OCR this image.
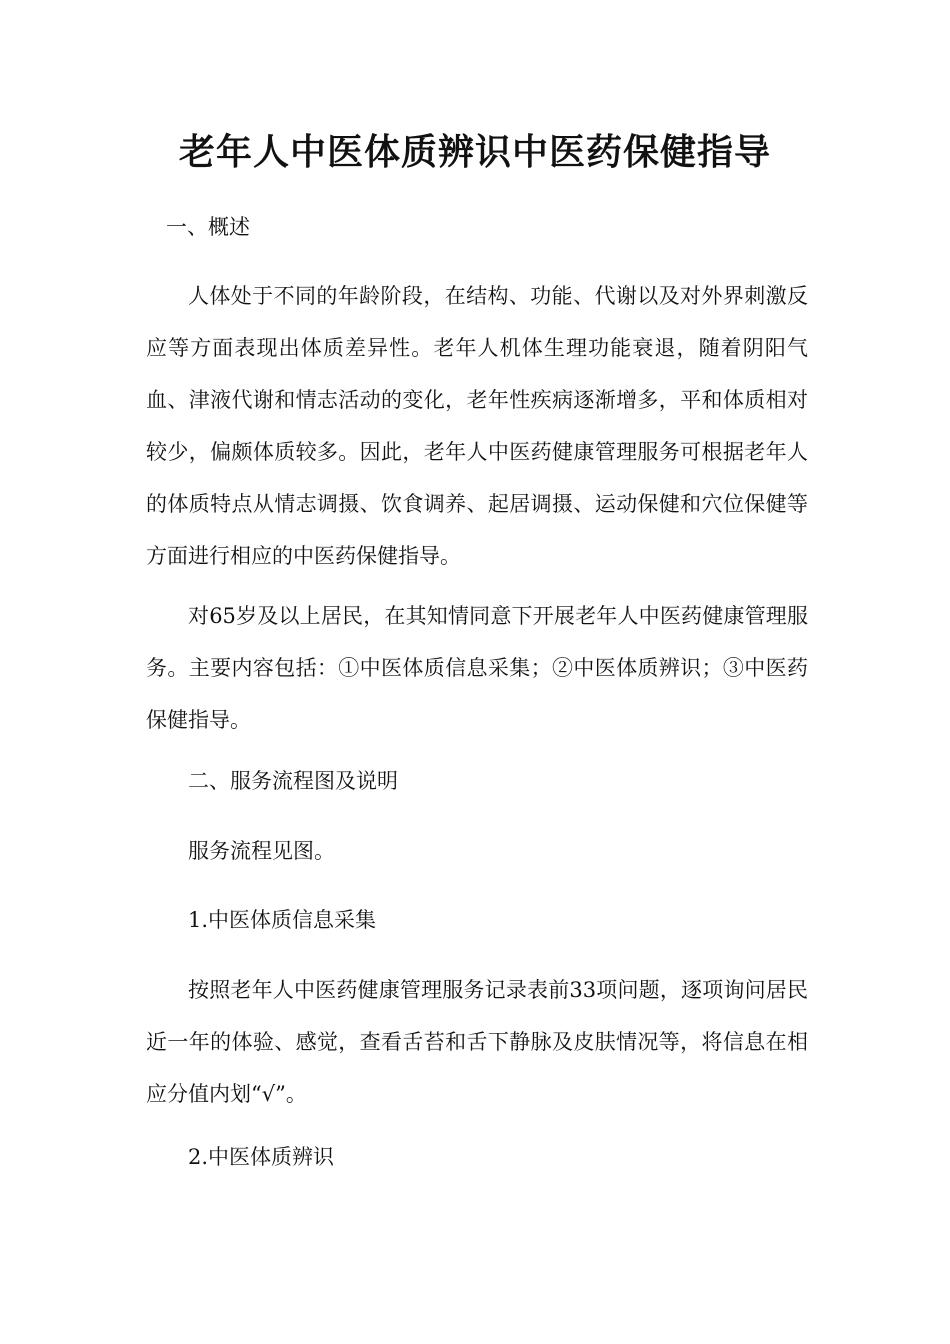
老年人中医体质辨识中医药保健指导

一、概述

人体处于不同的年龄阶段，在结构、功能、代谢以及对外界刺激反应等方面表现出体质差异性。老年人机体生理功能衰退，随着阴阳气血、津液代谢和情志活动的变化，老年性疾病逐渐增多，平和体质相对较少，偏颇体质较多。因此，老年人中医药健康管理服务可根据老年人的体质特点从情志调摄、饮食调养、起居调摄、运动保健和穴位保健等方面进行相应的中医药保健指导。

对65岁及以上居民，在其知情同意下开展老年人中医药健康管理服务。主要内容包括：①中医体质信息采集；②中医体质辨识；③中医药保健指导。

二、服务流程图及说明

服务流程见图。

1.中医体质信息采集

按照老年人中医药健康管理服务记录表前33项问题，逐项询问居民近一年的体验、感觉，查看舌苔和舌下静脉及皮肤情况等，将信息在相应分值内划“√”。

2.中医体质辨识
